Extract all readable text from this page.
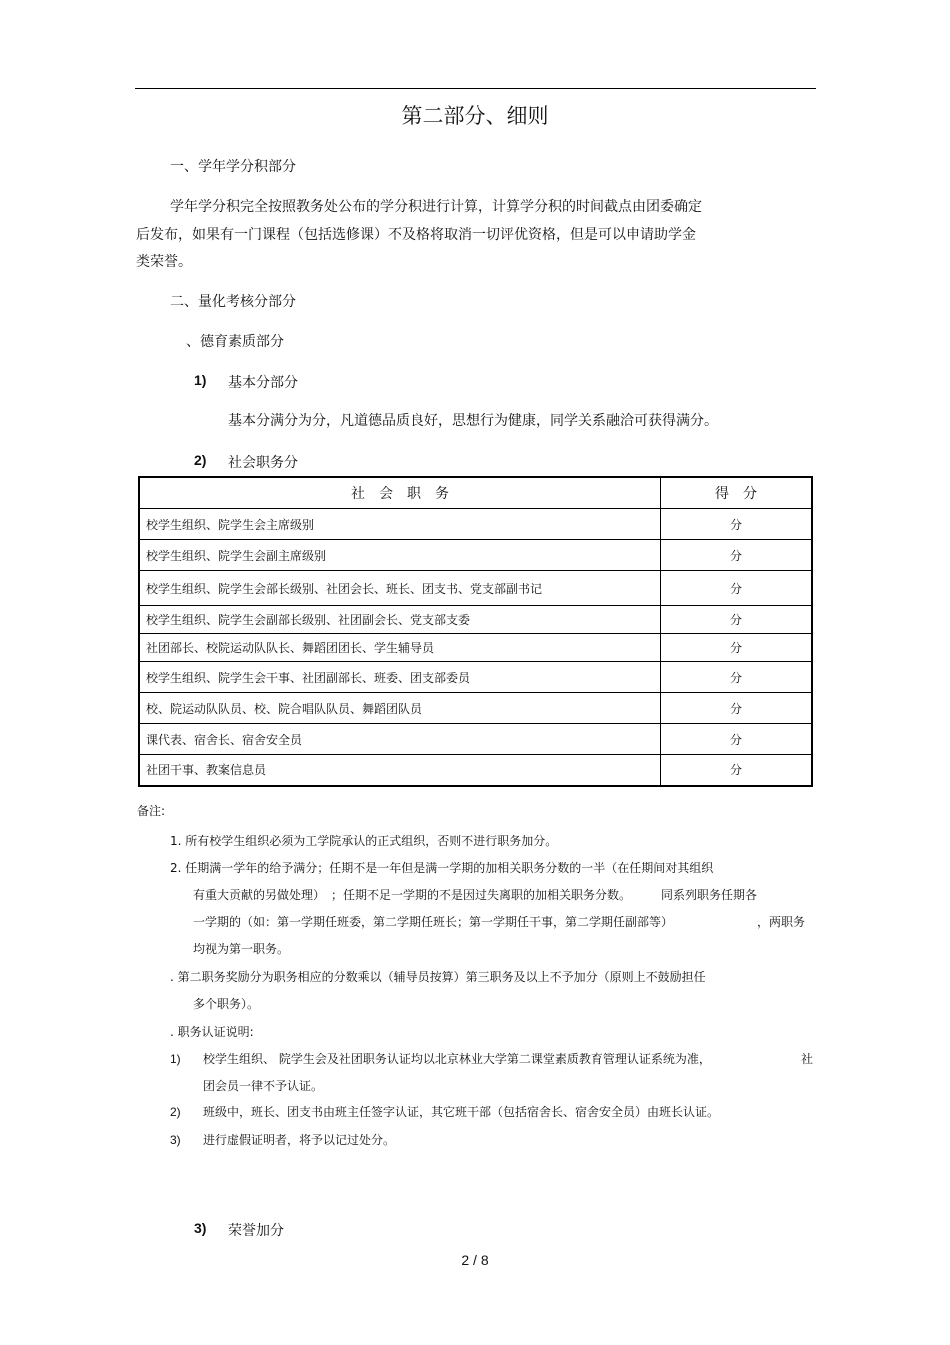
第二部分、细则
一、学年学分积部分
学年学分积完全按照教务处公布的学分积进行计算，计算学分积的时间截点由团委确定
后发布，如果有一门课程（包括选修课）不及格将取消一切评优资格，但是可以申请助学金
类荣誉。
二、量化考核分部分
、德育素质部分
1) 基本分部分
基本分满分为分，凡道德品质良好，思想行为健康，同学关系融洽可获得满分。
2) 社会职务分
社　会　职　务	得　分
校学生组织、院学生会主席级别	分
校学生组织、院学生会副主席级别	分
校学生组织、院学生会部长级别、社团会长、班长、团支书、党支部副书记	分
校学生组织、院学生会副部长级别、社团副会长、党支部支委	分
社团部长、校院运动队队长、舞蹈团团长、学生辅导员	分
校学生组织、院学生会干事、社团副部长、班委、团支部委员	分
校、院运动队队员、校、院合唱队队员、舞蹈团队员	分
课代表、宿舍长、宿舍安全员	分
社团干事、教案信息员	分
备注:
1. 所有校学生组织必须为工学院承认的正式组织，否则不进行职务加分。
2. 任期满一学年的给予满分；任期不是一年但是满一学期的加相关职务分数的一半（在任期间对其组织
有重大贡献的另做处理）　；任期不足一学期的不是因过失离职的加相关职务分数。　　　同系列职务任期各
一学期的（如：第一学期任班委，第二学期任班长；第一学期任干事，第二学期任副部等）	，两职务
均视为第一职务。
. 第二职务奖励分为职务相应的分数乘以（辅导员按算）第三职务及以上不予加分（原则上不鼓励担任
多个职务）。
. 职务认证说明:
1) 校学生组织、 院学生会及社团职务认证均以北京林业大学第二课堂素质教育管理认证系统为准，	社
团会员一律不予认证。
2) 班级中，班长、团支书由班主任签字认证，其它班干部（包括宿舍长、宿舍安全员）由班长认证。
3) 进行虚假证明者，将予以记过处分。
3) 荣誉加分
2 / 8
